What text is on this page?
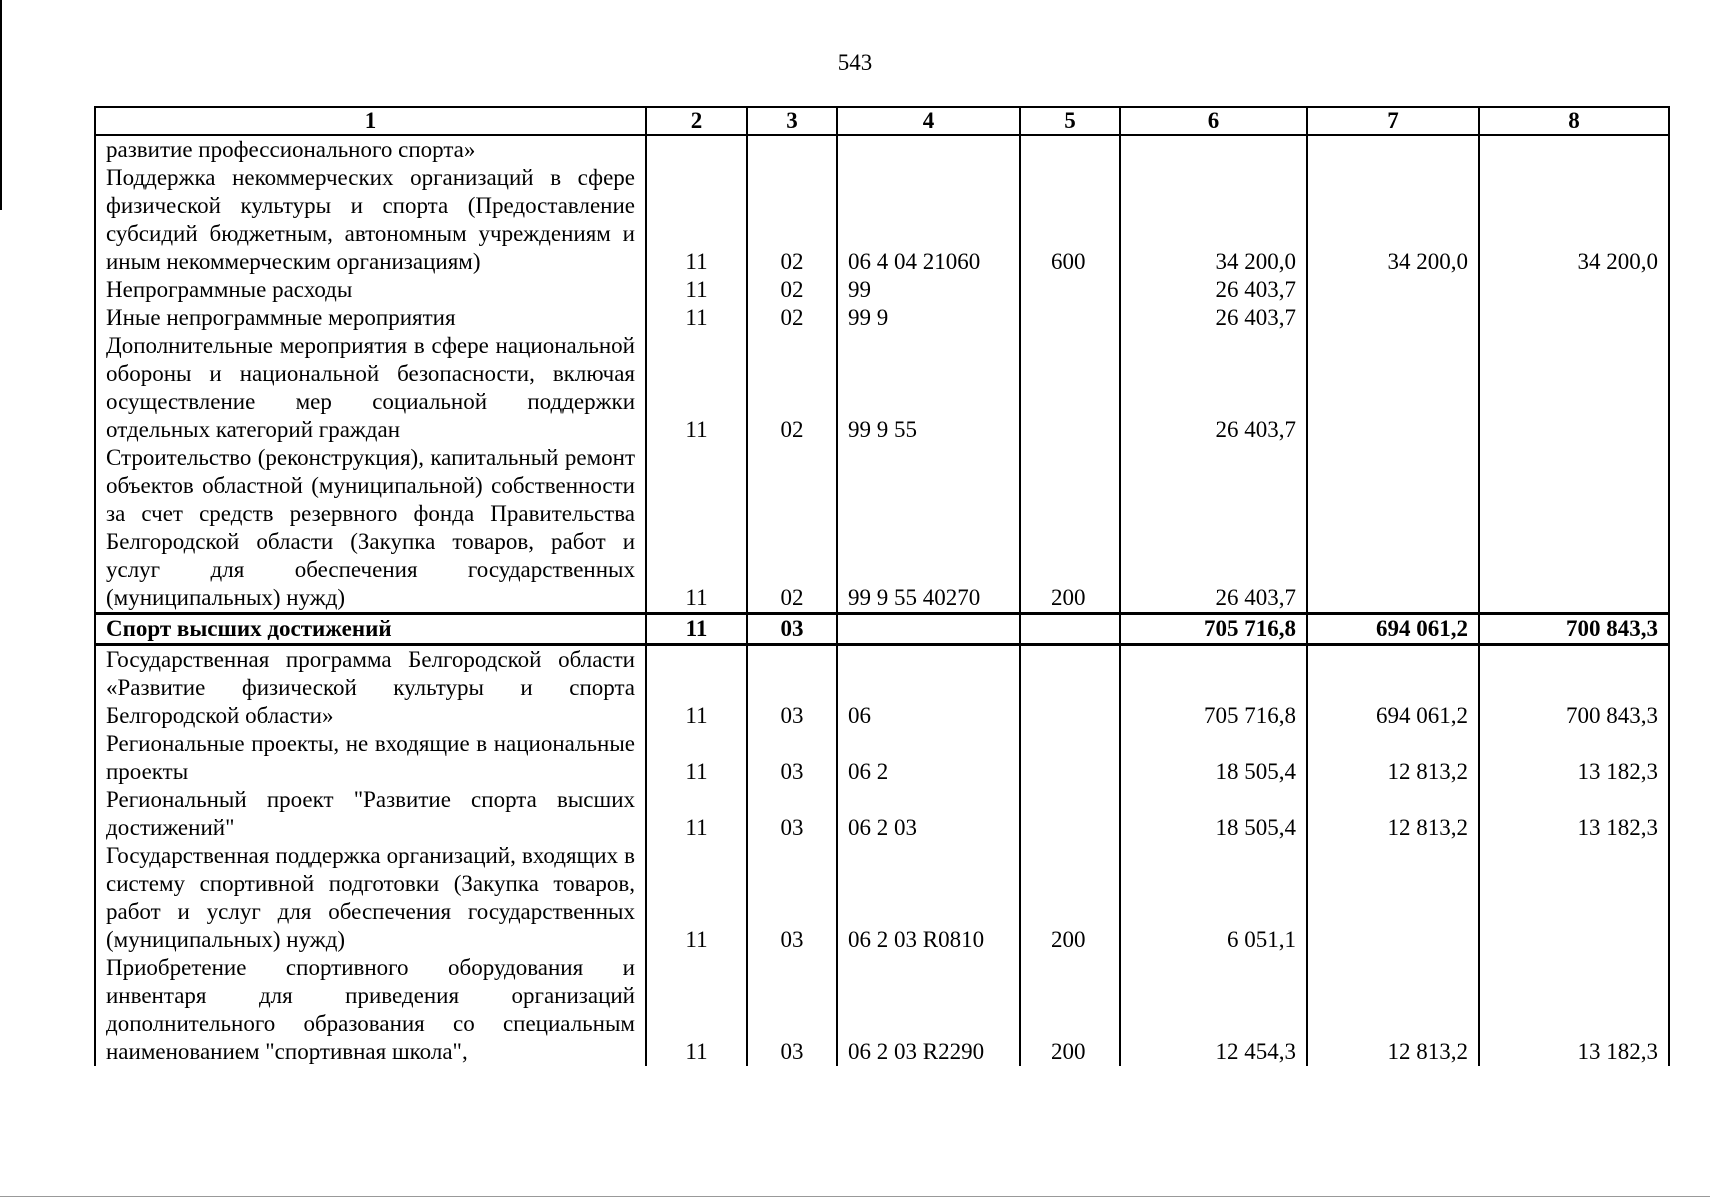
543
1	2	3	4	5	6	7	8
развитие профессионального спорта»							
Поддержка некоммерческих организаций в сфере физической культуры и спорта (Предоставление субсидий бюджетным, автономным учреждениям и иным некоммерческим организациям)	11	02	06 4 04 21060	600	34 200,0	34 200,0	34 200,0
Непрограммные расходы	11	02	99		26 403,7		
Иные непрограммные мероприятия	11	02	99 9		26 403,7		
Дополнительные мероприятия в сфере национальной обороны и национальной безопасности, включая осуществление мер социальной поддержки отдельных категорий граждан	11	02	99 9 55		26 403,7		
Строительство (реконструкция), капитальный ремонт объектов областной (муниципальной) собственности за счет средств резервного фонда Правительства Белгородской области (Закупка товаров, работ и услуг для обеспечения государственных (муниципальных) нужд)	11	02	99 9 55 40270	200	26 403,7		
Спорт высших достижений	11	03			705 716,8	694 061,2	700 843,3
Государственная программа Белгородской области «Развитие физической культуры и спорта Белгородской области»	11	03	06		705 716,8	694 061,2	700 843,3
Региональные проекты, не входящие в национальные проекты	11	03	06 2		18 505,4	12 813,2	13 182,3
Региональный проект "Развитие спорта высших достижений"	11	03	06 2 03		18 505,4	12 813,2	13 182,3
Государственная поддержка организаций, входящих в систему спортивной подготовки (Закупка товаров, работ и услуг для обеспечения государственных (муниципальных) нужд)	11	03	06 2 03 R0810	200	6 051,1		
Приобретение спортивного оборудования и инвентаря для приведения организаций дополнительного образования со специальным наименованием "спортивная школа",	11	03	06 2 03 R2290	200	12 454,3	12 813,2	13 182,3
